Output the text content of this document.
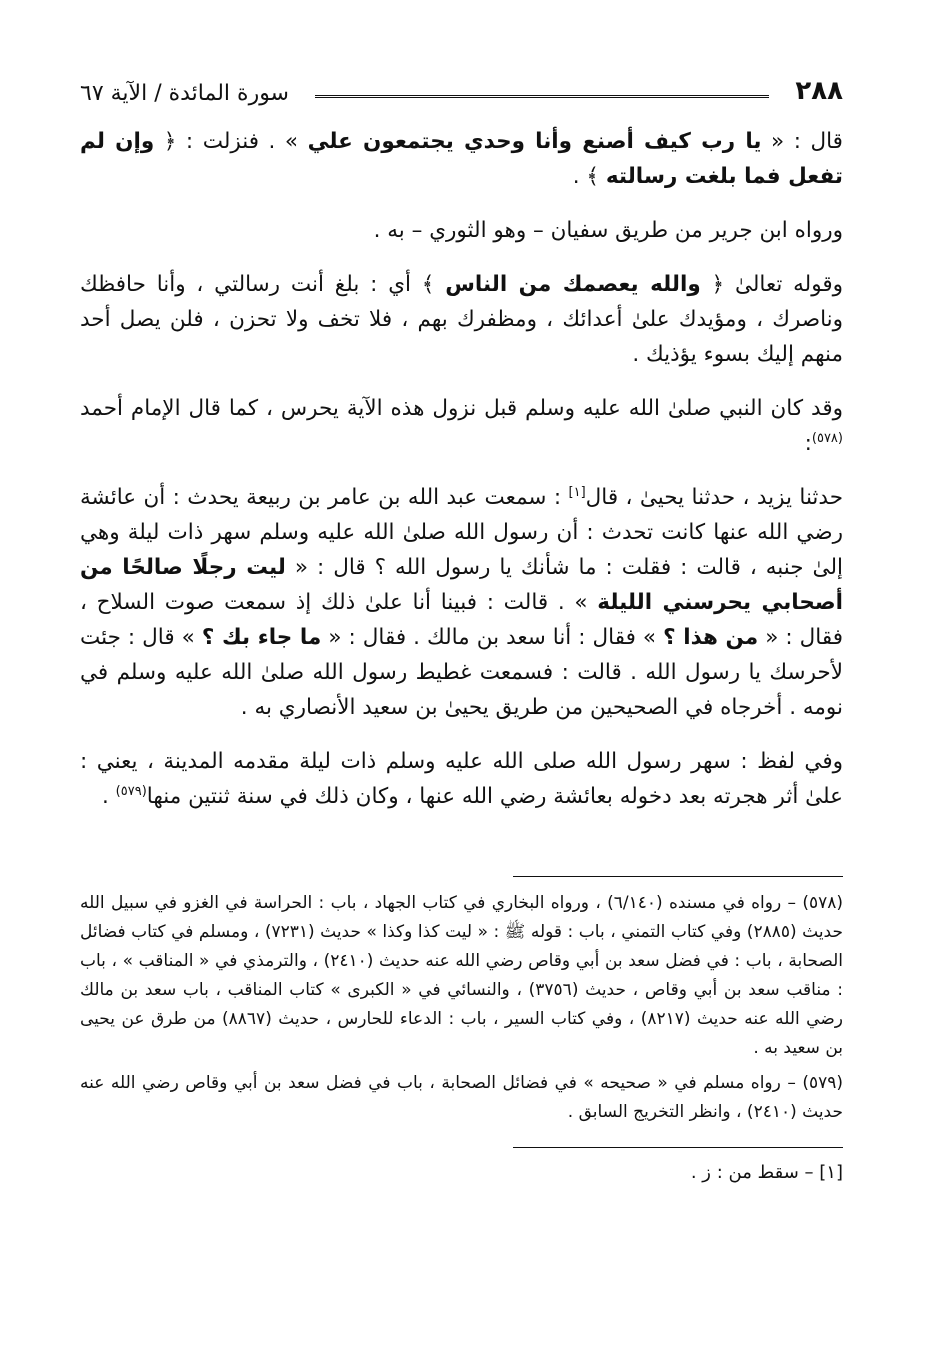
٢٨٨
سورة المائدة / الآية ٦٧

قال : « يا رب كيف أصنع وأنا وحدي يجتمعون علي » . فنزلت : ﴿ وإن لم تفعل فما بلغت رسالته ﴾ .

ورواه ابن جرير من طريق سفيان – وهو الثوري – به .

وقوله تعالىٰ ﴿ والله يعصمك من الناس ﴾ أي : بلغ أنت رسالتي ، وأنا حافظك وناصرك ، ومؤيدك علىٰ أعدائك ، ومظفرك بهم ، فلا تخف ولا تحزن ، فلن يصل أحد منهم إليك بسوء يؤذيك .

وقد كان النبي صلىٰ الله عليه وسلم قبل نزول هذه الآية يحرس ، كما قال الإمام أحمد $^{(٥٧٨)}$:

حدثنا يزيد ، حدثنا يحيىٰ ، قال[١] : سمعت عبد الله بن عامر بن ربيعة يحدث : أن عائشة رضي الله عنها كانت تحدث : أن رسول الله صلىٰ الله عليه وسلم سهر ذات ليلة وهي إلىٰ جنبه ، قالت : فقلت : ما شأنك يا رسول الله ؟ قال : « ليت رجلًا صالحًا من أصحابي يحرسني الليلة » . قالت : فبينا أنا علىٰ ذلك إذ سمعت صوت السلاح ، فقال : « من هذا ؟ » فقال : أنا سعد بن مالك . فقال : « ما جاء بك ؟ » قال : جئت لأحرسك يا رسول الله . قالت : فسمعت غطيط رسول الله صلىٰ الله عليه وسلم في نومه . أخرجاه في الصحيحين من طريق يحيىٰ بن سعيد الأنصاري به .

وفي لفظ : سهر رسول الله صلى الله عليه وسلم ذات ليلة مقدمه المدينة ، يعني : علىٰ أثر هجرته بعد دخوله بعائشة رضي الله عنها ، وكان ذلك في سنة ثنتين منها$^{(٥٧٩)}$ .

(٥٧٨) – رواه في مسنده (٦/١٤٠) ، ورواه البخاري في كتاب الجهاد ، باب : الحراسة في الغزو في سبيل الله حديث (٢٨٨٥) وفي كتاب التمني ، باب : قوله ﷺ : « ليت كذا وكذا » حديث (٧٢٣١) ، ومسلم في كتاب فضائل الصحابة ، باب : في فضل سعد بن أبي وقاص رضي الله عنه حديث (٢٤١٠) ، والترمذي في « المناقب » ، باب : مناقب سعد بن أبي وقاص ، حديث (٣٧٥٦) ، والنسائي في « الكبرى » كتاب المناقب ، باب سعد بن مالك رضي الله عنه حديث (٨٢١٧) ، وفي كتاب السير ، باب : الدعاء للحارس ، حديث (٨٨٦٧) من طرق عن يحيى بن سعيد به .

(٥٧٩) – رواه مسلم في « صحيحه » في فضائل الصحابة ، باب في فضل سعد بن أبي وقاص رضي الله عنه حديث (٢٤١٠) ، وانظر التخريج السابق .

[١] – سقط من : ز .
